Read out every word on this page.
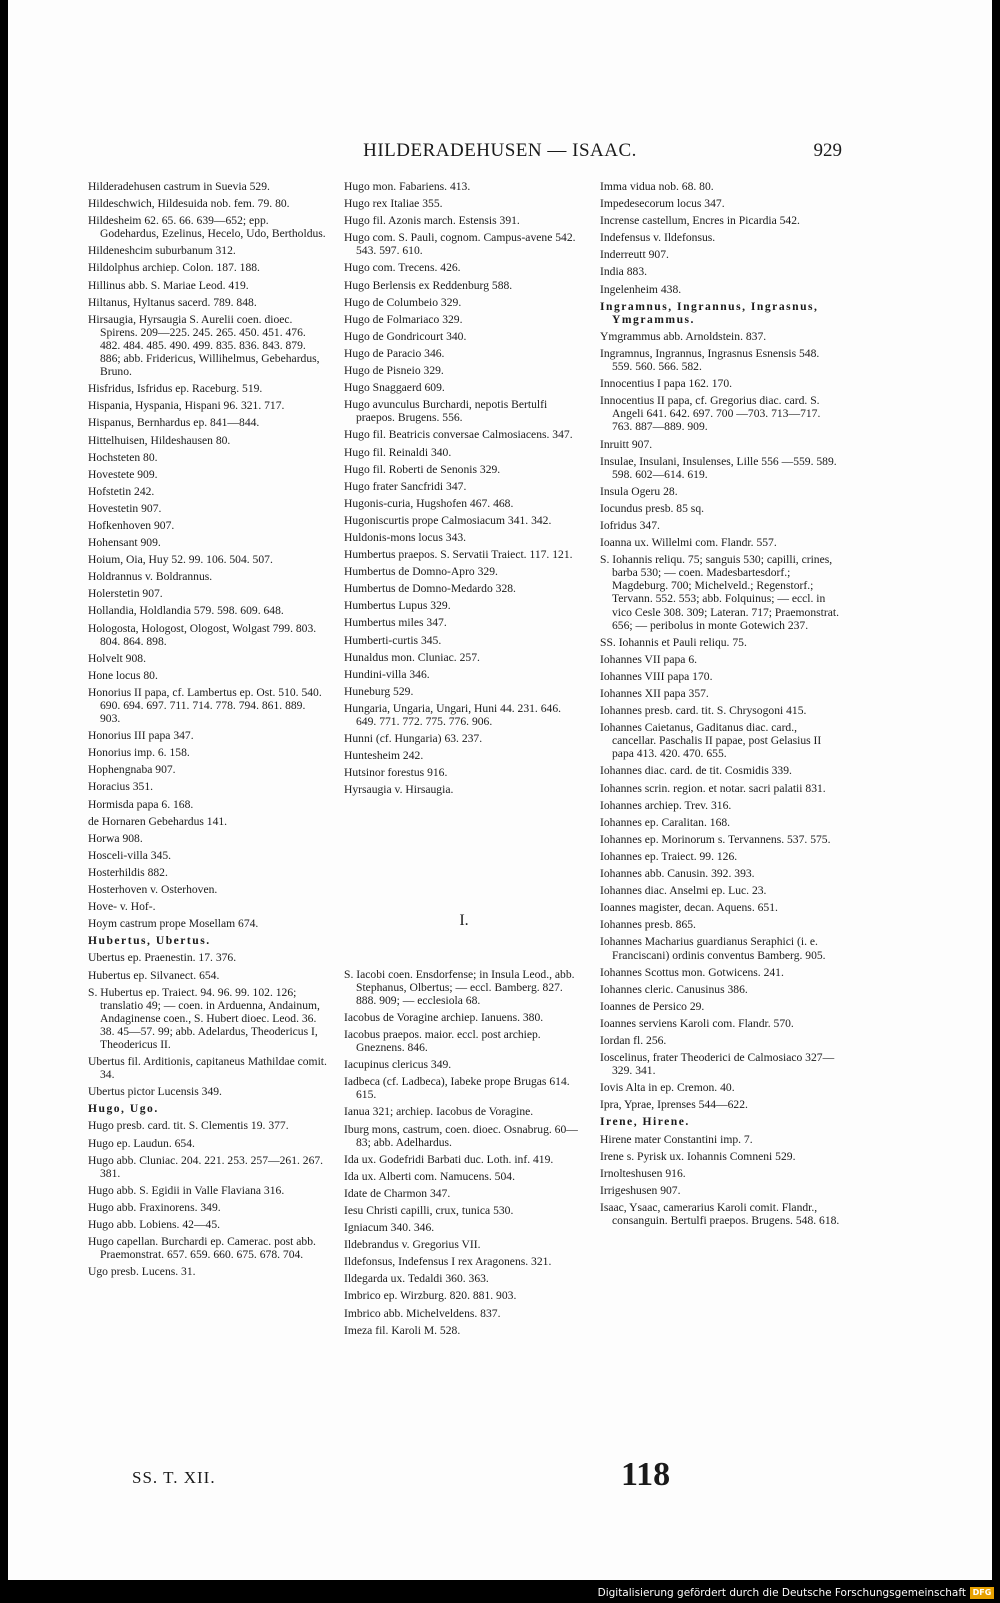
HILDERADEHUSEN — ISAAC.	929
Hilderadehusen castrum in Suevia 529.
Hildeschwich, Hildesuida nob. fem. 79. 80.
Hildesheim 62. 65. 66. 639—652; epp. Godehardus, Ezelinus, Hecelo, Udo, Bertholdus.
Hildeneshcim suburbanum 312.
Hildolphus archiep. Colon. 187. 188.
Hillinus abb. S. Mariae Leod. 419.
Hiltanus, Hyltanus sacerd. 789. 848.
Hirsaugia, Hyrsaugia S. Aurelii coen. dioec. Spirens. 209—225. 245. 265. 450. 451. 476. 482. 484. 485. 490. 499. 835. 836. 843. 879. 886; abb. Fridericus, Willihelmus, Gebehardus, Bruno.
Hisfridus, Isfridus ep. Raceburg. 519.
Hispania, Hyspania, Hispani 96. 321. 717.
Hispanus, Bernhardus ep. 841—844.
Hittelhuisen, Hildeshausen 80.
Hochsteten 80.
Hovestete 909.
Hofstetin 242.
Hovestetin 907.
Hofkenhoven 907.
Hohensant 909.
Hoium, Oia, Huy 52. 99. 106. 504. 507.
Holdrannus v. Boldrannus.
Holerstetin 907.
Hollandia, Holdlandia 579. 598. 609. 648.
Hologosta, Hologost, Ologost, Wolgast 799. 803. 804. 864. 898.
Holvelt 908.
Hone locus 80.
Honorius II papa, cf. Lambertus ep. Ost. 510. 540. 690. 694. 697. 711. 714. 778. 794. 861. 889. 903.
Honorius III papa 347.
Honorius imp. 6. 158.
Hophengnaba 907.
Horacius 351.
Hormisda papa 6. 168.
de Hornaren Gebehardus 141.
Horwa 908.
Hosceli-villa 345.
Hosterhildis 882.
Hosterhoven v. Osterhoven.
Hove- v. Hof-.
Hoym castrum prope Mosellam 674.
Hubertus, Ubertus.
Ubertus ep. Praenestin. 17. 376.
Hubertus ep. Silvanect. 654.
S. Hubertus ep. Traiect. 94. 96. 99. 102. 126; translatio 49; — coen. in Arduenna, Andainum, Andaginense coen., S. Hubert dioec. Leod. 36. 38. 45—57. 99; abb. Adelardus, Theodericus I, Theodericus II.
Ubertus fil. Arditionis, capitaneus Mathildae comit. 34.
Ubertus pictor Lucensis 349.
Hugo, Ugo.
Hugo presb. card. tit. S. Clementis 19. 377.
Hugo ep. Laudun. 654.
Hugo abb. Cluniac. 204. 221. 253. 257—261. 267. 381.
Hugo abb. S. Egidii in Valle Flaviana 316.
Hugo abb. Fraxinorens. 349.
Hugo abb. Lobiens. 42—45.
Hugo capellan. Burchardi ep. Camerac. post abb. Praemonstrat. 657. 659. 660. 675. 678. 704.
Ugo presb. Lucens. 31.
Hugo mon. Fabariens. 413.
Hugo rex Italiae 355.
Hugo fil. Azonis march. Estensis 391.
Hugo com. S. Pauli, cognom. Campus-avene 542. 543. 597. 610.
Hugo com. Trecens. 426.
Hugo Berlensis ex Reddenburg 588.
Hugo de Columbeio 329.
Hugo de Folmariaco 329.
Hugo de Gondricourt 340.
Hugo de Paracio 346.
Hugo de Pisneio 329.
Hugo Snaggaerd 609.
Hugo avunculus Burchardi, nepotis Bertulfi praepos. Brugens. 556.
Hugo fil. Beatricis conversae Calmosiacens. 347.
Hugo fil. Reinaldi 340.
Hugo fil. Roberti de Senonis 329.
Hugo frater Sancfridi 347.
Hugonis-curia, Hugshofen 467. 468.
Hugoniscurtis prope Calmosiacum 341. 342.
Huldonis-mons locus 343.
Humbertus praepos. S. Servatii Traiect. 117. 121.
Humbertus de Domno-Apro 329.
Humbertus de Domno-Medardo 328.
Humbertus Lupus 329.
Humbertus miles 347.
Humberti-curtis 345.
Hunaldus mon. Cluniac. 257.
Hundini-villa 346.
Huneburg 529.
Hungaria, Ungaria, Ungari, Huni 44. 231. 646. 649. 771. 772. 775. 776. 906.
Hunni (cf. Hungaria) 63. 237.
Huntesheim 242.
Hutsinor forestus 916.
Hyrsaugia v. Hirsaugia.
I.
S. Iacobi coen. Ensdorfense; in Insula Leod., abb. Stephanus, Olbertus; — eccl. Bamberg. 827. 888. 909; — ecclesiola 68.
Iacobus de Voragine archiep. Ianuens. 380.
Iacobus praepos. maior. eccl. post archiep. Gneznens. 846.
Iacupinus clericus 349.
Iadbeca (cf. Ladbeca), Iabeke prope Brugas 614. 615.
Ianua 321; archiep. Iacobus de Voragine.
Iburg mons, castrum, coen. dioec. Osnabrug. 60—83; abb. Adelhardus.
Ida ux. Godefridi Barbati duc. Loth. inf. 419.
Ida ux. Alberti com. Namucens. 504.
Idate de Charmon 347.
Iesu Christi capilli, crux, tunica 530.
Igniacum 340. 346.
Ildebrandus v. Gregorius VII.
Ildefonsus, Indefensus I rex Aragonens. 321.
Ildegarda ux. Tedaldi 360. 363.
Imbrico ep. Wirzburg. 820. 881. 903.
Imbrico abb. Michelveldens. 837.
Imeza fil. Karoli M. 528.
Imma vidua nob. 68. 80.
Impedesecorum locus 347.
Incrense castellum, Encres in Picardia 542.
Indefensus v. Ildefonsus.
Inderreutt 907.
India 883.
Ingelenheim 438.
Ingramnus, Ingrannus, Ingrasnus, Ymgrammus.
Ymgrammus abb. Arnoldstein. 837.
Ingramnus, Ingrannus, Ingrasnus Esnensis 548. 559. 560. 566. 582.
Innocentius I papa 162. 170.
Innocentius II papa, cf. Gregorius diac. card. S. Angeli 641. 642. 697. 700 —703. 713—717. 763. 887—889. 909.
Inruitt 907.
Insulae, Insulani, Insulenses, Lille 556 —559. 589. 598. 602—614. 619.
Insula Ogeru 28.
Iocundus presb. 85 sq.
Iofridus 347.
Ioanna ux. Willelmi com. Flandr. 557.
S. Iohannis reliqu. 75; sanguis 530; capilli, crines, barba 530; — coen. Madesbartesdorf.; Magdeburg. 700; Michelveld.; Regenstorf.; Tervann. 552. 553; abb. Folquinus; — eccl. in vico Cesle 308. 309; Lateran. 717; Praemonstrat. 656; — peribolus in monte Gotewich 237.
SS. Iohannis et Pauli reliqu. 75.
Iohannes VII papa 6.
Iohannes VIII papa 170.
Iohannes XII papa 357.
Iohannes presb. card. tit. S. Chrysogoni 415.
Iohannes Caietanus, Gaditanus diac. card., cancellar. Paschalis II papae, post Gelasius II papa 413. 420. 470. 655.
Iohannes diac. card. de tit. Cosmidis 339.
Iohannes scrin. region. et notar. sacri palatii 831.
Iohannes archiep. Trev. 316.
Iohannes ep. Caralitan. 168.
Iohannes ep. Morinorum s. Tervannens. 537. 575.
Iohannes ep. Traiect. 99. 126.
Iohannes abb. Canusin. 392. 393.
Iohannes diac. Anselmi ep. Luc. 23.
Ioannes magister, decan. Aquens. 651.
Iohannes presb. 865.
Iohannes Macharius guardianus Seraphici (i. e. Franciscani) ordinis conventus Bamberg. 905.
Iohannes Scottus mon. Gotwicens. 241.
Iohannes cleric. Canusinus 386.
Ioannes de Persico 29.
Ioannes serviens Karoli com. Flandr. 570.
Iordan fl. 256.
Ioscelinus, frater Theoderici de Calmosiaco 327—329. 341.
Iovis Alta in ep. Cremon. 40.
Ipra, Yprae, Iprenses 544—622.
Irene, Hirene.
Hirene mater Constantini imp. 7.
Irene s. Pyrisk ux. Iohannis Comneni 529.
Irnolteshusen 916.
Irrigeshusen 907.
Isaac, Ysaac, camerarius Karoli comit. Flandr., consanguin. Bertulfi praepos. Brugens. 548. 618.
SS. T. XII.	118
Digitalisierung gefördert durch die Deutsche Forschungsgemeinschaft DFG
